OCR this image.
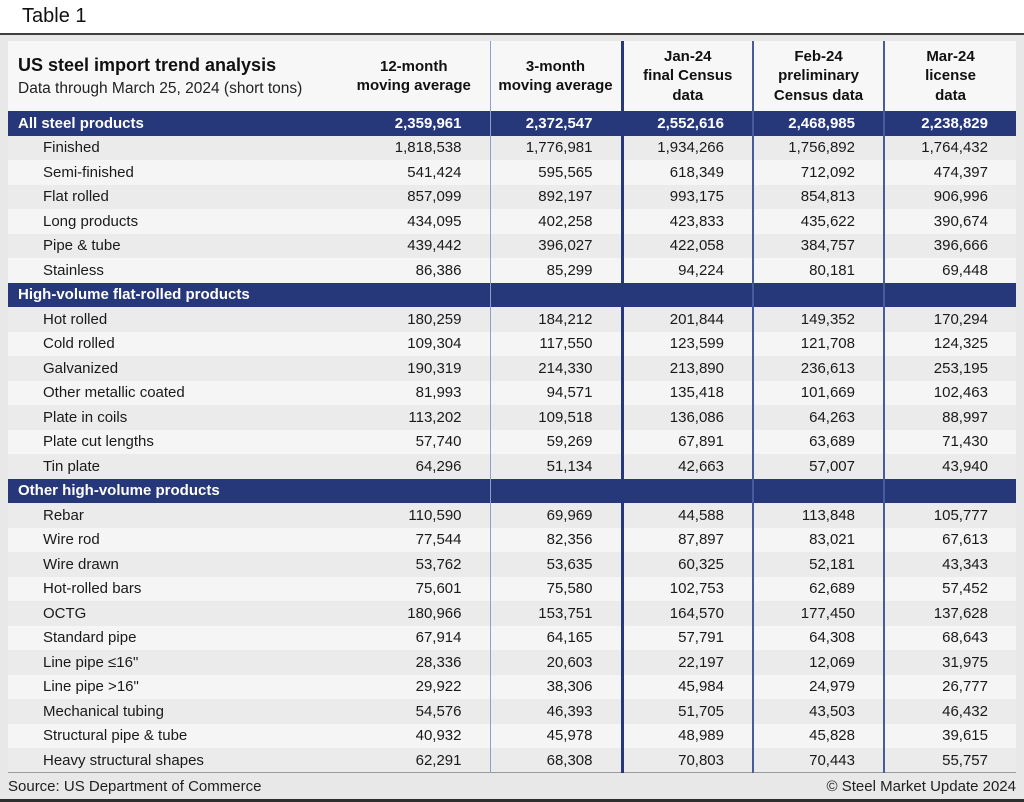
Table 1
US steel import trend analysis
Data through March 25, 2024 (short tons)

12-month
moving average

3-month
moving average

Jan-24
final Census
data

Feb-24
preliminary
Census data

Mar-24
license
data

All steel products	2,359,961	2,372,547	2,552,616	2,468,985	2,238,829
Finished	1,818,538	1,776,981	1,934,266	1,756,892	1,764,432
Semi-finished	541,424	595,565	618,349	712,092	474,397
Flat rolled	857,099	892,197	993,175	854,813	906,996
Long products	434,095	402,258	423,833	435,622	390,674
Pipe & tube	439,442	396,027	422,058	384,757	396,666
Stainless	86,386	85,299	94,224	80,181	69,448
High-volume flat-rolled products					
Hot rolled	180,259	184,212	201,844	149,352	170,294
Cold rolled	109,304	117,550	123,599	121,708	124,325
Galvanized	190,319	214,330	213,890	236,613	253,195
Other metallic coated	81,993	94,571	135,418	101,669	102,463
Plate in coils	113,202	109,518	136,086	64,263	88,997
Plate cut lengths	57,740	59,269	67,891	63,689	71,430
Tin plate	64,296	51,134	42,663	57,007	43,940
Other high-volume products					
Rebar	110,590	69,969	44,588	113,848	105,777
Wire rod	77,544	82,356	87,897	83,021	67,613
Wire drawn	53,762	53,635	60,325	52,181	43,343
Hot-rolled bars	75,601	75,580	102,753	62,689	57,452
OCTG	180,966	153,751	164,570	177,450	137,628
Standard pipe	67,914	64,165	57,791	64,308	68,643
Line pipe ≤16"	28,336	20,603	22,197	12,069	31,975
Line pipe >16"	29,922	38,306	45,984	24,979	26,777
Mechanical tubing	54,576	46,393	51,705	43,503	46,432
Structural pipe & tube	40,932	45,978	48,989	45,828	39,615
Heavy structural shapes	62,291	68,308	70,803	70,443	55,757
Source: US Department of Commerce	© Steel Market Update 2024
